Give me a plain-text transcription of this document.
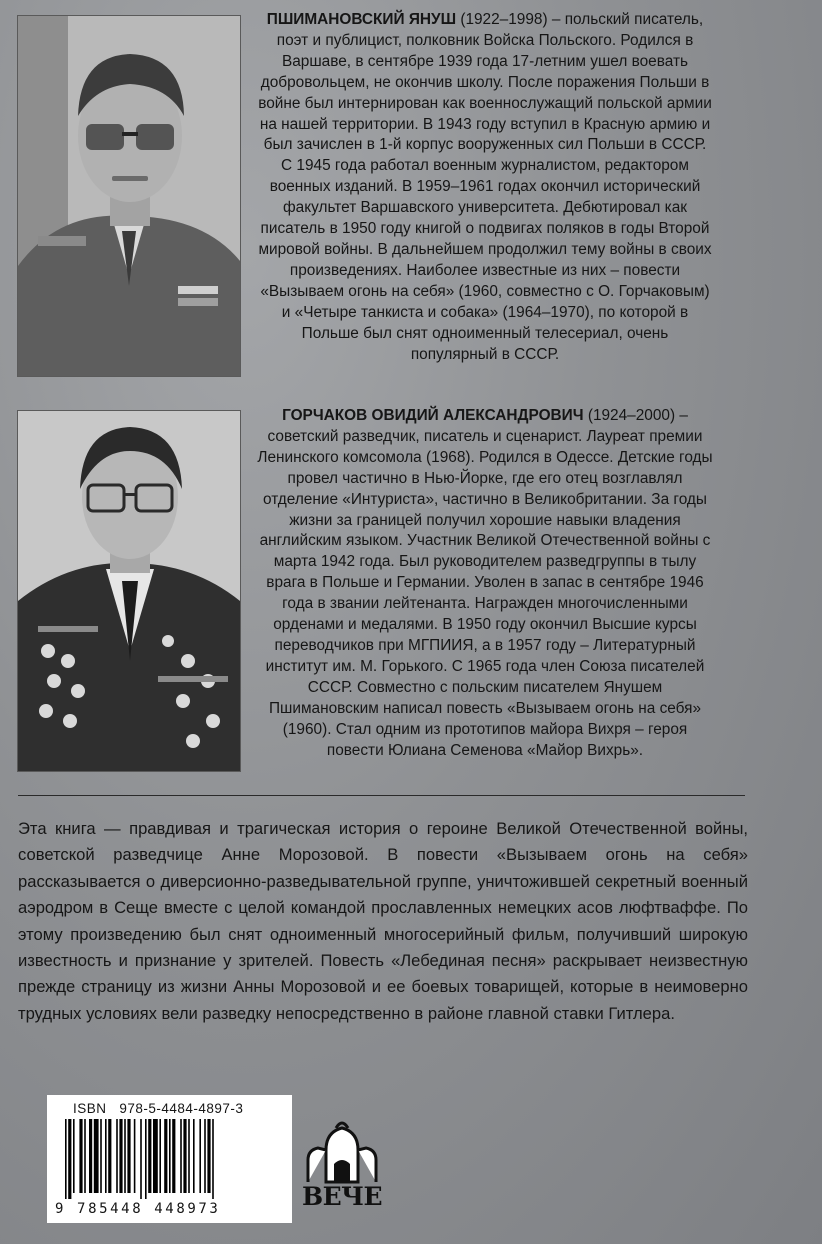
ПШИМАНОВСКИЙ ЯНУШ (1922–1998) – польский писатель, поэт и публицист, полковник Войска Польского. Родился в Варшаве, в сентябре 1939 года 17-летним ушел воевать добровольцем, не окончив школу. После поражения Польши в войне был интернирован как военнослужащий польской армии на нашей территории. В 1943 году вступил в Красную армию и был зачислен в 1-й корпус вооруженных сил Польши в СССР. С 1945 года работал военным журналистом, редактором военных изданий. В 1959–1961 годах окончил исторический факультет Варшавского университета. Дебютировал как писатель в 1950 году книгой о подвигах поляков в годы Второй мировой войны. В дальнейшем продолжил тему войны в своих произведениях. Наиболее известные из них – повести «Вызываем огонь на себя» (1960, совместно с О. Горчаковым) и «Четыре танкиста и собака» (1964–1970), по которой в Польше был снят одноименный телесериал, очень популярный в СССР.
ГОРЧАКОВ ОВИДИЙ АЛЕКСАНДРОВИЧ (1924–2000) – советский разведчик, писатель и сценарист. Лауреат премии Ленинского комсомола (1968). Родился в Одессе. Детские годы провел частично в Нью-Йорке, где его отец возглавлял отделение «Интуриста», частично в Великобритании. За годы жизни за границей получил хорошие навыки владения английским языком. Участник Великой Отечественной войны с марта 1942 года. Был руководителем разведгруппы в тылу врага в Польше и Германии. Уволен в запас в сентябре 1946 года в звании лейтенанта. Награжден многочисленными орденами и медалями. В 1950 году окончил Высшие курсы переводчиков при МГПИИЯ, а в 1957 году – Литературный институт им. М. Горького. С 1965 года член Союза писателей СССР. Совместно с польским писателем Янушем Пшимановским написал повесть «Вызываем огонь на себя» (1960). Стал одним из прототипов майора Вихря – героя повести Юлиана Семенова «Майор Вихрь».
Эта книга — правдивая и трагическая история о героине Великой Отечественной войны, советской разведчице Анне Морозовой. В повести «Вызываем огонь на себя» рассказывается о диверсионно-разведывательной группе, уничтожившей секретный военный аэродром в Сеще вместе с целой командой прославленных немецких асов люфтваффе. По этому произведению был снят одноименный многосерийный фильм, получивший широкую известность и признание у зрителей. Повесть «Лебединая песня» раскрывает неизвестную прежде страницу из жизни Анны Морозовой и ее боевых товарищей, которые в неимоверно трудных условиях вели разведку непосредственно в районе главной ставки Гитлера.
ISBN 978-5-4484-4897-3
9 785448 448973	ВЕЧЕ
